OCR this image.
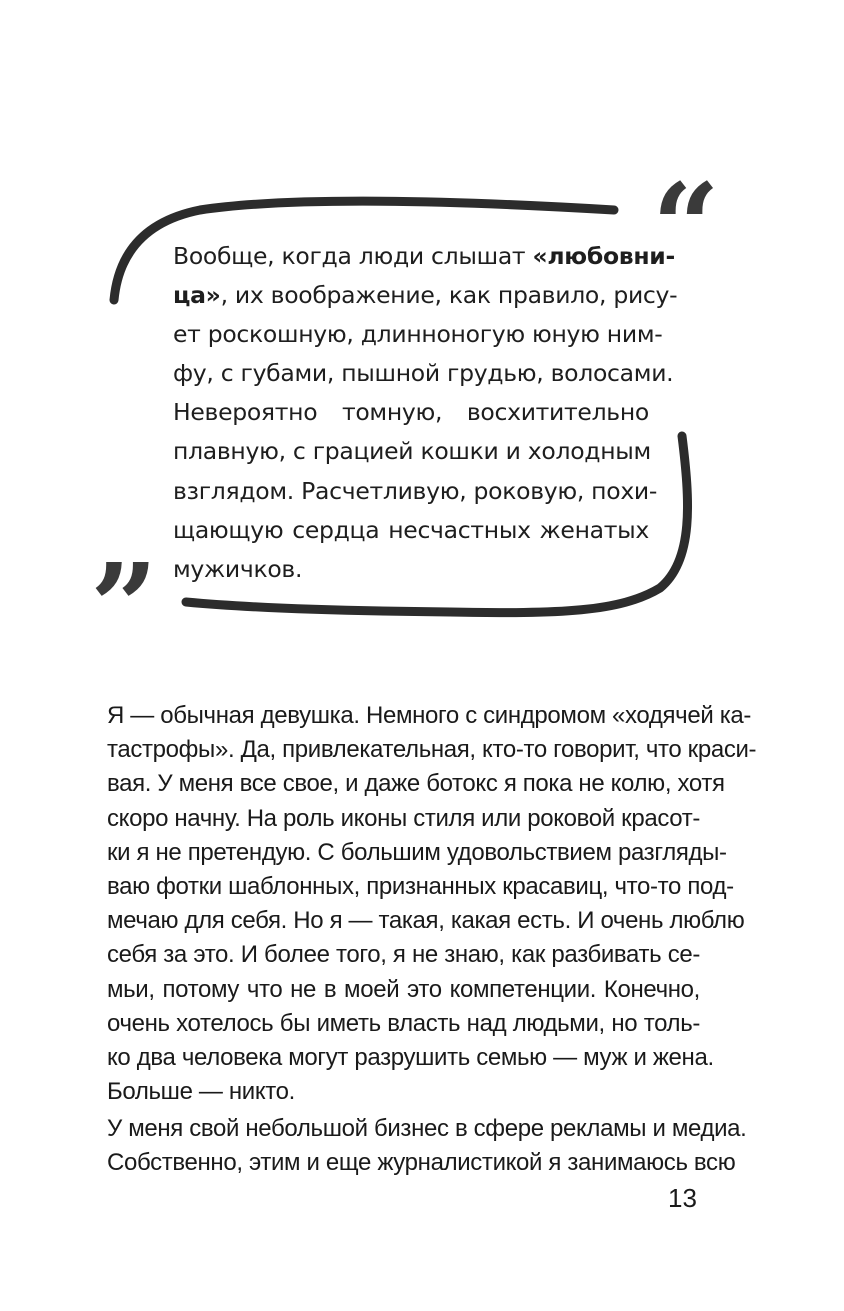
“
”

Вообще, когда люди слышат «любовни-
ца», их воображение, как правило, рису-
ет роскошную, длинноногую юную ним-
фу, с губами, пышной грудью, волосами.
Невероятно томную, восхитительно
плавную, с грацией кошки и холодным
взглядом. Расчетливую, роковую, похи-
щающую сердца несчастных женатых
мужичков.

Я — обычная девушка. Немного с синдромом «ходячей ка-
тастрофы». Да, привлекательная, кто-то говорит, что краси-
вая. У меня все свое, и даже ботокс я пока не колю, хотя
скоро начну. На роль иконы стиля или роковой красот-
ки я не претендую. С большим удовольствием разгляды-
ваю фотки шаблонных, признанных красавиц, что-то под-
мечаю для себя. Но я — такая, какая есть. И очень люблю
себя за это. И более того, я не знаю, как разбивать се-
мьи, потому что не в моей это компетенции. Конечно,
очень хотелось бы иметь власть над людьми, но толь-
ко два человека могут разрушить семью — муж и жена.
Больше — никто.

У меня свой небольшой бизнес в сфере рекламы и медиа.
Собственно, этим и еще журналистикой я занимаюсь всю

13
